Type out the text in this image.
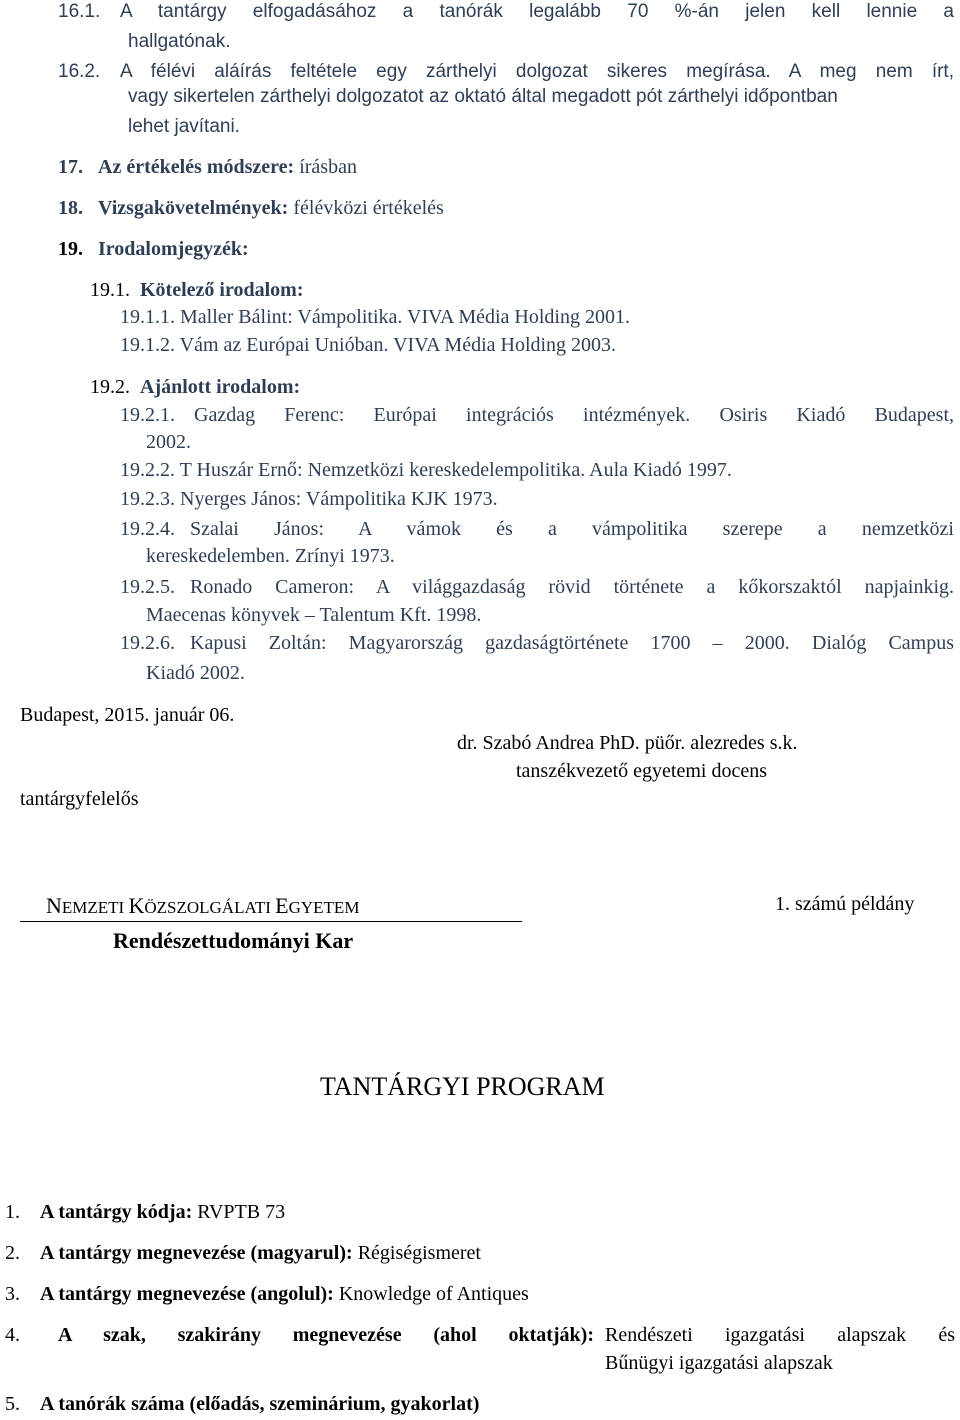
16.1. A tantárgy elfogadásához a tanórák legalább 70 %-án jelen kell lennie a
hallgatónak.
16.2. A félévi aláírás feltétele egy zárthelyi dolgozat sikeres megírása. A meg nem írt,
vagy sikertelen zárthelyi dolgozatot az oktató által megadott pót zárthelyi időpontban
lehet javítani.
17. Az értékelés módszere: írásban
18. Vizsgakövetelmények: félévközi értékelés
19. Irodalomjegyzék:
19.1. Kötelező irodalom:
19.1.1. Maller Bálint: Vámpolitika. VIVA Média Holding 2001.
19.1.2. Vám az Európai Unióban. VIVA Média Holding 2003.
19.2. Ajánlott irodalom:
19.2.1. Gazdag Ferenc: Európai integrációs intézmények. Osiris Kiadó Budapest,
2002.
19.2.2. T Huszár Ernő: Nemzetközi kereskedelempolitika. Aula Kiadó 1997.
19.2.3. Nyerges János: Vámpolitika KJK 1973.
19.2.4. Szalai János: A vámok és a vámpolitika szerepe a nemzetközi
kereskedelemben. Zrínyi 1973.
19.2.5. Ronado Cameron: A világgazdaság rövid története a kőkorszaktól napjainkig.
Maecenas könyvek – Talentum Kft. 1998.
19.2.6. Kapusi Zoltán: Magyarország gazdaságtörténete 1700 – 2000. Dialóg Campus
Kiadó 2002.
Budapest, 2015. január 06.
dr. Szabó Andrea PhD. püőr. alezredes s.k.
tanszékvezető egyetemi docens
tantárgyfelelős
NEMZETI KÖZSZOLGÁLATI EGYETEM
Rendészettudományi Kar
1. számú példány
TANTÁRGYI PROGRAM
1. A tantárgy kódja: RVPTB 73
2. A tantárgy megnevezése (magyarul): Régiségismeret
3. A tantárgy megnevezése (angolul): Knowledge of Antiques
4. A szak, szakirány megnevezése (ahol oktatják): Rendészeti igazgatási alapszak és
Bűnügyi igazgatási alapszak
5. A tanórák száma (előadás, szeminárium, gyakorlat)
